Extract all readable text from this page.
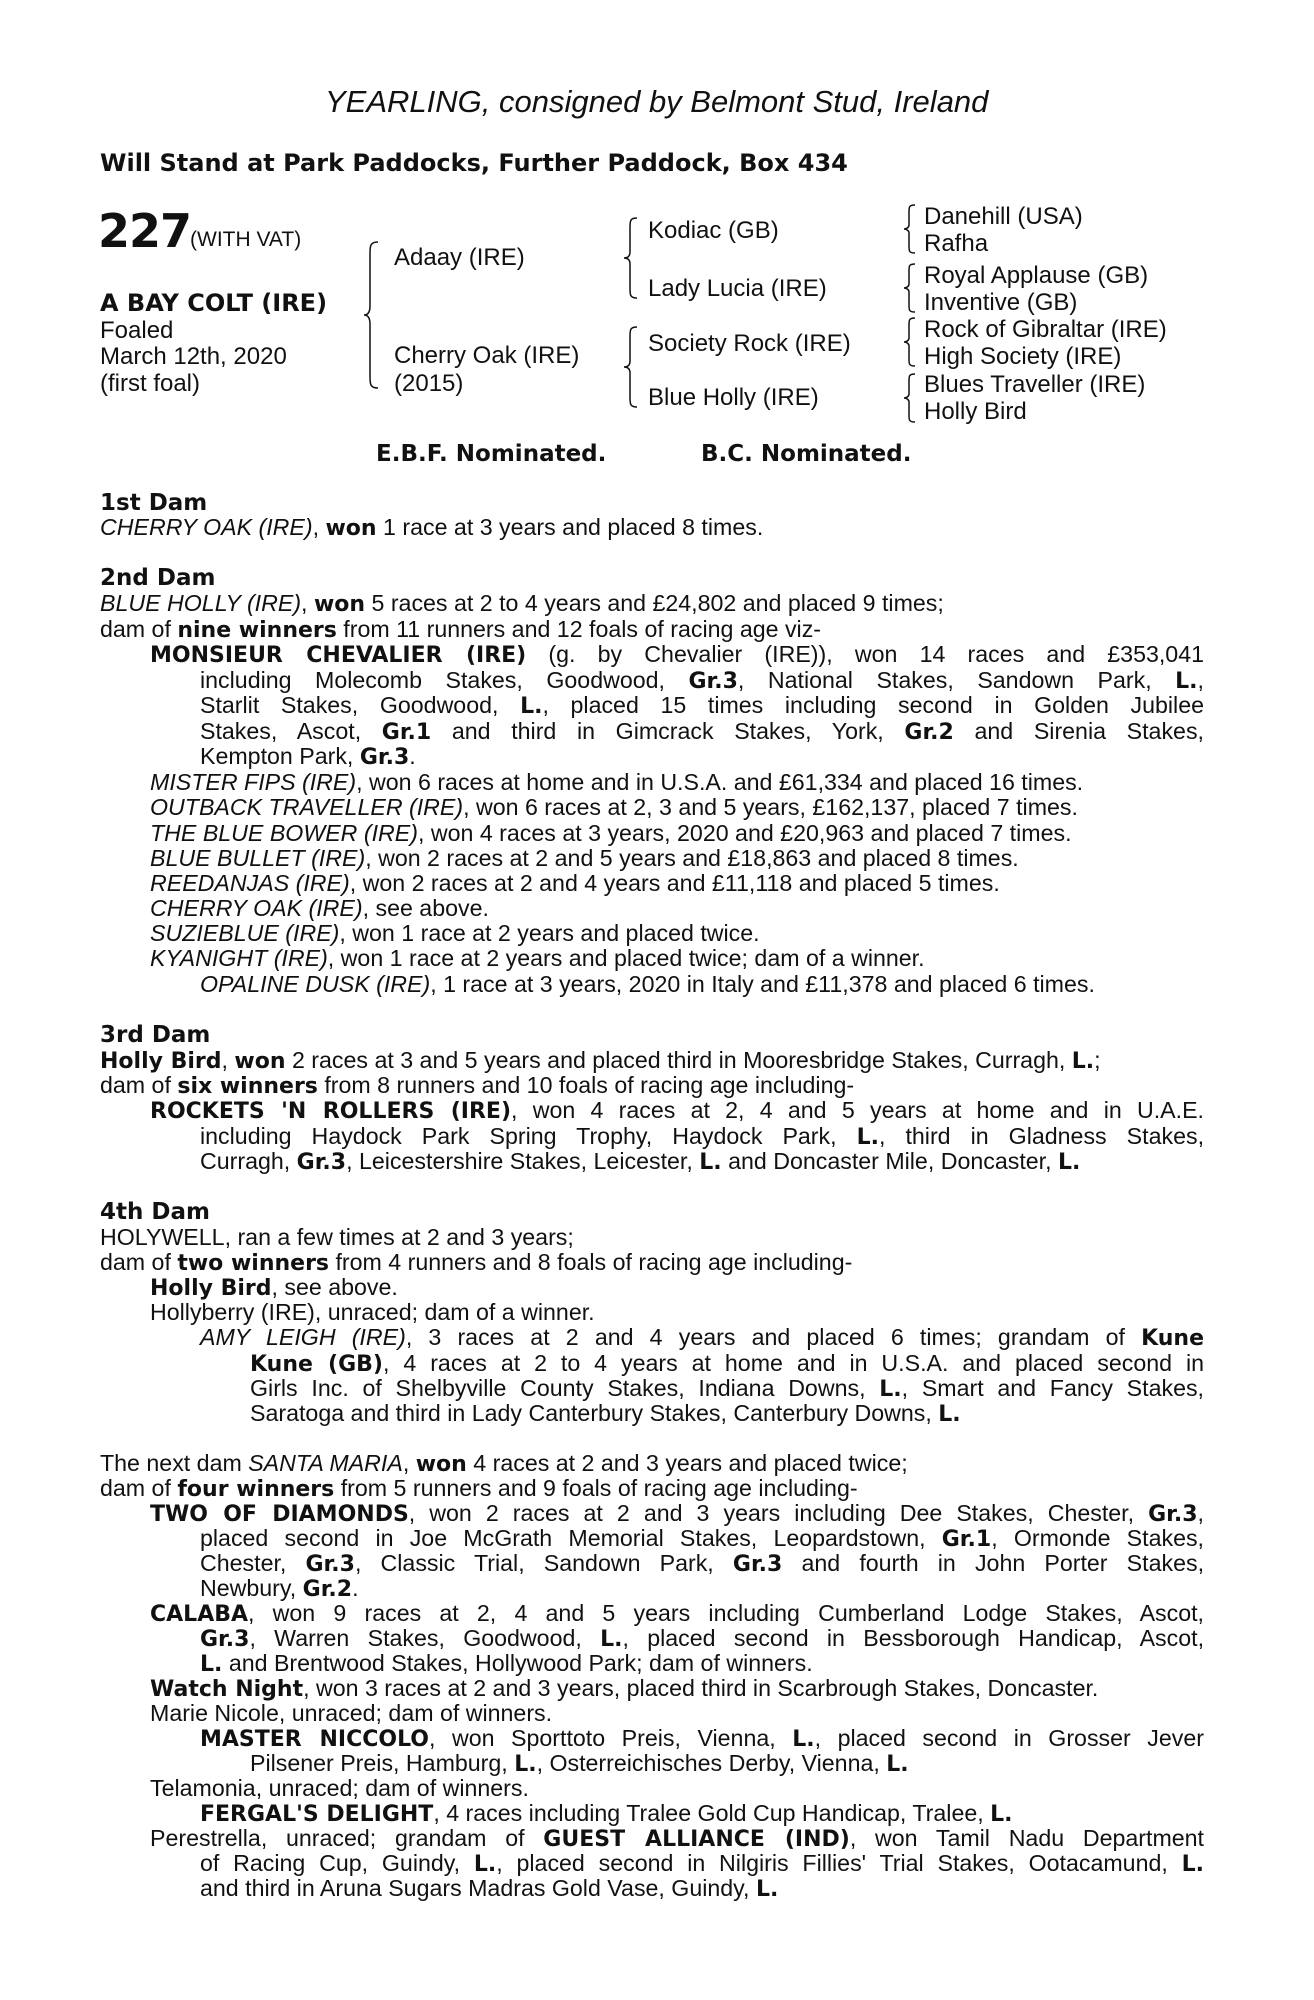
YEARLING, consigned by Belmont Stud, Ireland
Will Stand at Park Paddocks, Further Paddock, Box 434
227
(WITH VAT)
A BAY COLT (IRE)
Foaled
March 12th, 2020
(first foal)
Adaay (IRE)
Cherry Oak (IRE)
(2015)
Kodiac (GB)
Lady Lucia (IRE)
Society Rock (IRE)
Blue Holly (IRE)
Danehill (USA)
Rafha
Royal Applause (GB)
Inventive (GB)
Rock of Gibraltar (IRE)
High Society (IRE)
Blues Traveller (IRE)
Holly Bird
E.B.F. Nominated.	B.C. Nominated.
1st Dam
CHERRY OAK (IRE), won 1 race at 3 years and placed 8 times.
2nd Dam
BLUE HOLLY (IRE), won 5 races at 2 to 4 years and £24,802 and placed 9 times;
dam of nine winners from 11 runners and 12 foals of racing age viz-
MONSIEUR CHEVALIER (IRE) (g. by Chevalier (IRE)), won 14 races and £353,041
including Molecomb Stakes, Goodwood, Gr.3, National Stakes, Sandown Park, L.,
Starlit Stakes, Goodwood, L., placed 15 times including second in Golden Jubilee
Stakes, Ascot, Gr.1 and third in Gimcrack Stakes, York, Gr.2 and Sirenia Stakes,
Kempton Park, Gr.3.
MISTER FIPS (IRE), won 6 races at home and in U.S.A. and £61,334 and placed 16 times.
OUTBACK TRAVELLER (IRE), won 6 races at 2, 3 and 5 years, £162,137, placed 7 times.
THE BLUE BOWER (IRE), won 4 races at 3 years, 2020 and £20,963 and placed 7 times.
BLUE BULLET (IRE), won 2 races at 2 and 5 years and £18,863 and placed 8 times.
REEDANJAS (IRE), won 2 races at 2 and 4 years and £11,118 and placed 5 times.
CHERRY OAK (IRE), see above.
SUZIEBLUE (IRE), won 1 race at 2 years and placed twice.
KYANIGHT (IRE), won 1 race at 2 years and placed twice; dam of a winner.
OPALINE DUSK (IRE), 1 race at 3 years, 2020 in Italy and £11,378 and placed 6 times.
3rd Dam
Holly Bird, won 2 races at 3 and 5 years and placed third in Mooresbridge Stakes, Curragh, L.;
dam of six winners from 8 runners and 10 foals of racing age including-
ROCKETS 'N ROLLERS (IRE), won 4 races at 2, 4 and 5 years at home and in U.A.E.
including Haydock Park Spring Trophy, Haydock Park, L., third in Gladness Stakes,
Curragh, Gr.3, Leicestershire Stakes, Leicester, L. and Doncaster Mile, Doncaster, L.
4th Dam
HOLYWELL, ran a few times at 2 and 3 years;
dam of two winners from 4 runners and 8 foals of racing age including-
Holly Bird, see above.
Hollyberry (IRE), unraced; dam of a winner.
AMY LEIGH (IRE), 3 races at 2 and 4 years and placed 6 times; grandam of Kune
Kune (GB), 4 races at 2 to 4 years at home and in U.S.A. and placed second in
Girls Inc. of Shelbyville County Stakes, Indiana Downs, L., Smart and Fancy Stakes,
Saratoga and third in Lady Canterbury Stakes, Canterbury Downs, L.
The next dam SANTA MARIA, won 4 races at 2 and 3 years and placed twice;
dam of four winners from 5 runners and 9 foals of racing age including-
TWO OF DIAMONDS, won 2 races at 2 and 3 years including Dee Stakes, Chester, Gr.3,
placed second in Joe McGrath Memorial Stakes, Leopardstown, Gr.1, Ormonde Stakes,
Chester, Gr.3, Classic Trial, Sandown Park, Gr.3 and fourth in John Porter Stakes,
Newbury, Gr.2.
CALABA, won 9 races at 2, 4 and 5 years including Cumberland Lodge Stakes, Ascot,
Gr.3, Warren Stakes, Goodwood, L., placed second in Bessborough Handicap, Ascot,
L. and Brentwood Stakes, Hollywood Park; dam of winners.
Watch Night, won 3 races at 2 and 3 years, placed third in Scarbrough Stakes, Doncaster.
Marie Nicole, unraced; dam of winners.
MASTER NICCOLO, won Sporttoto Preis, Vienna, L., placed second in Grosser Jever
Pilsener Preis, Hamburg, L., Osterreichisches Derby, Vienna, L.
Telamonia, unraced; dam of winners.
FERGAL'S DELIGHT, 4 races including Tralee Gold Cup Handicap, Tralee, L.
Perestrella, unraced; grandam of GUEST ALLIANCE (IND), won Tamil Nadu Department
of Racing Cup, Guindy, L., placed second in Nilgiris Fillies' Trial Stakes, Ootacamund, L.
and third in Aruna Sugars Madras Gold Vase, Guindy, L.
